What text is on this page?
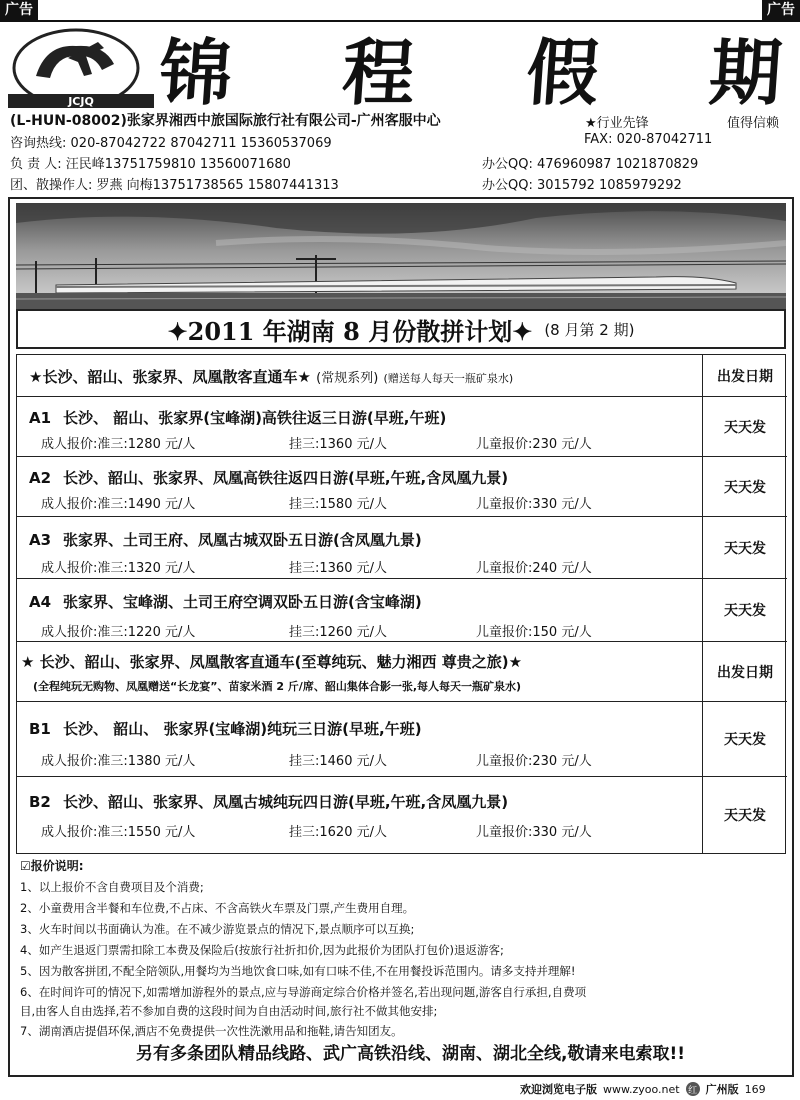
广告	广告
JCJQ 锦 程 假 期
(L-HUN-08002)张家界湘西中旅国际旅行社有限公司-广州客服中心	★行业先锋	值得信赖
咨询热线: 020-87042722 87042711 15360537069	FAX: 020-87042711
负 责 人: 汪民峰13751759810 13560071680	办公QQ: 476960987 1021870829
团、散操作人: 罗燕 向梅13751738565 15807441313	办公QQ: 3015792 1085979292
✦2011 年湖南 8 月份散拼计划✦ (8 月第 2 期)
★长沙、韶山、张家界、凤凰散客直通车★ (常规系列) (赠送每人每天一瓶矿泉水)	出发日期
A1 长沙、 韶山、张家界(宝峰湖)高铁往返三日游(早班,午班)
成人报价:准三:1280 元/人	挂三:1360 元/人	儿童报价:230 元/人
天天发
A2 长沙、韶山、张家界、凤凰高铁往返四日游(早班,午班,含凤凰九景)
成人报价:准三:1490 元/人	挂三:1580 元/人	儿童报价:330 元/人
天天发
A3 张家界、土司王府、凤凰古城双卧五日游(含凤凰九景)
成人报价:准三:1320 元/人	挂三:1360 元/人	儿童报价:240 元/人
天天发
A4 张家界、宝峰湖、土司王府空调双卧五日游(含宝峰湖)
成人报价:准三:1220 元/人	挂三:1260 元/人	儿童报价:150 元/人
天天发
★ 长沙、韶山、张家界、凤凰散客直通车(至尊纯玩、魅力湘西 尊贵之旅)★
(全程纯玩无购物、凤凰赠送“长龙宴”、苗家米酒 2 斤/席、韶山集体合影一张,每人每天一瓶矿泉水)
出发日期
B1 长沙、 韶山、 张家界(宝峰湖)纯玩三日游(早班,午班)
成人报价:准三:1380 元/人	挂三:1460 元/人	儿童报价:230 元/人
天天发
B2 长沙、韶山、张家界、凤凰古城纯玩四日游(早班,午班,含凤凰九景)
成人报价:准三:1550 元/人	挂三:1620 元/人	儿童报价:330 元/人
天天发
☑报价说明:
1、以上报价不含自费项目及个消费;
2、小童费用含半餐和车位费,不占床、不含高铁火车票及门票,产生费用自理。
3、火车时间以书面确认为准。在不减少游览景点的情况下,景点顺序可以互换;
4、如产生退返门票需扣除工本费及保险后(按旅行社折扣价,因为此报价为团队打包价)退返游客;
5、因为散客拼团,不配全陪领队,用餐均为当地饮食口味,如有口味不佳,不在用餐投诉范围内。请多支持并理解!
6、在时间许可的情况下,如需增加游程外的景点,应与导游商定综合价格并签名,若出现问题,游客自行承担,自费项
目,由客人自由选择,若不参加自费的这段时间为自由活动时间,旅行社不做其他安排;
7、湖南酒店提倡环保,酒店不免费提供一次性洗漱用品和拖鞋,请告知团友。
另有多条团队精品线路、武广高铁沿线、湖南、湖北全线,敬请来电索取!!
欢迎浏览电子版 www.zyoo.net 红 广州版 169
